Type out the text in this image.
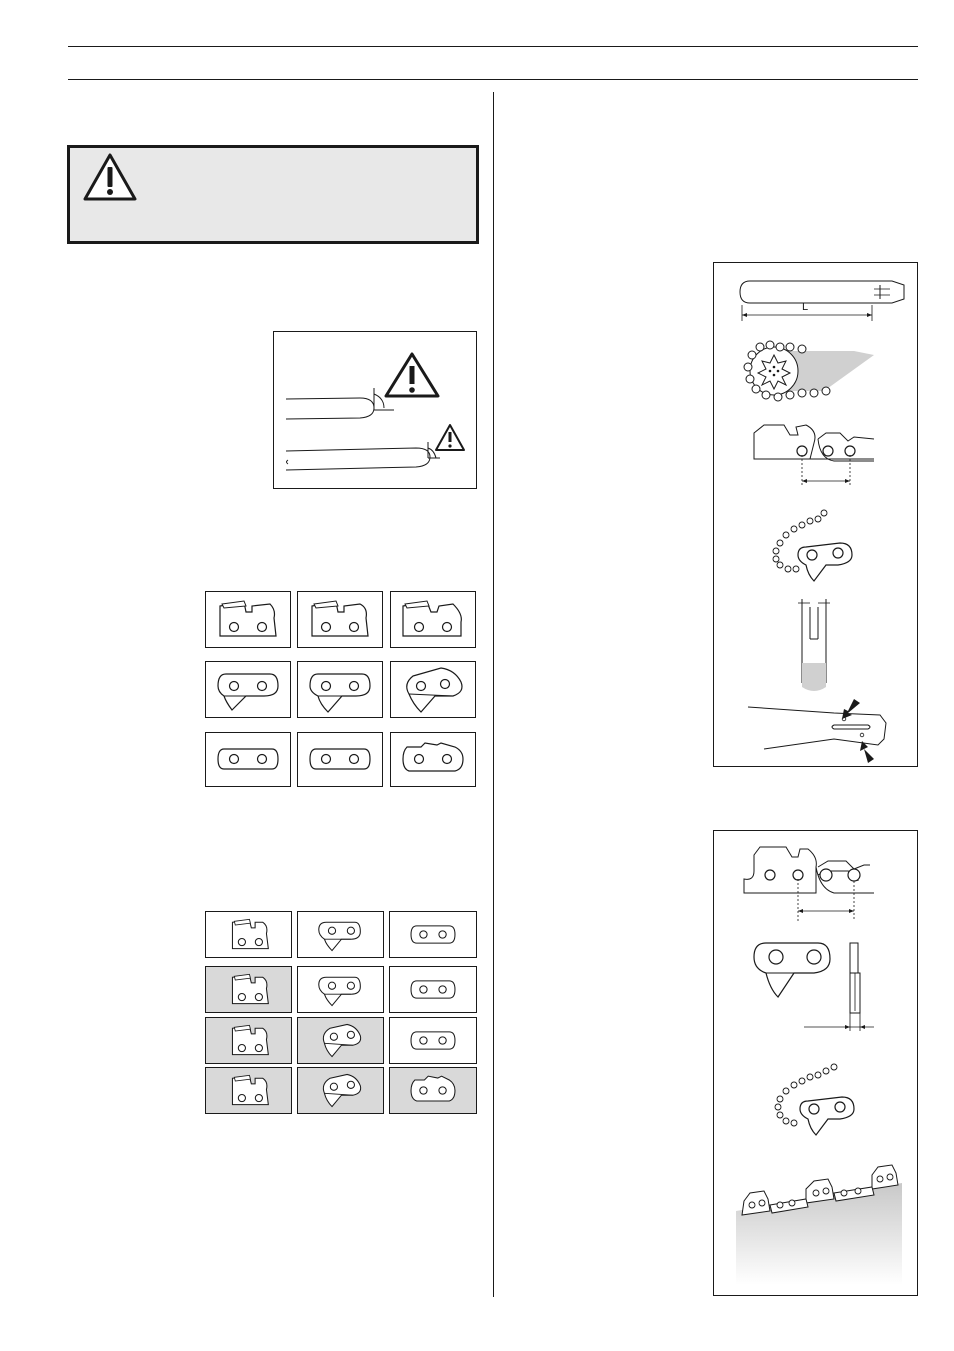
L
